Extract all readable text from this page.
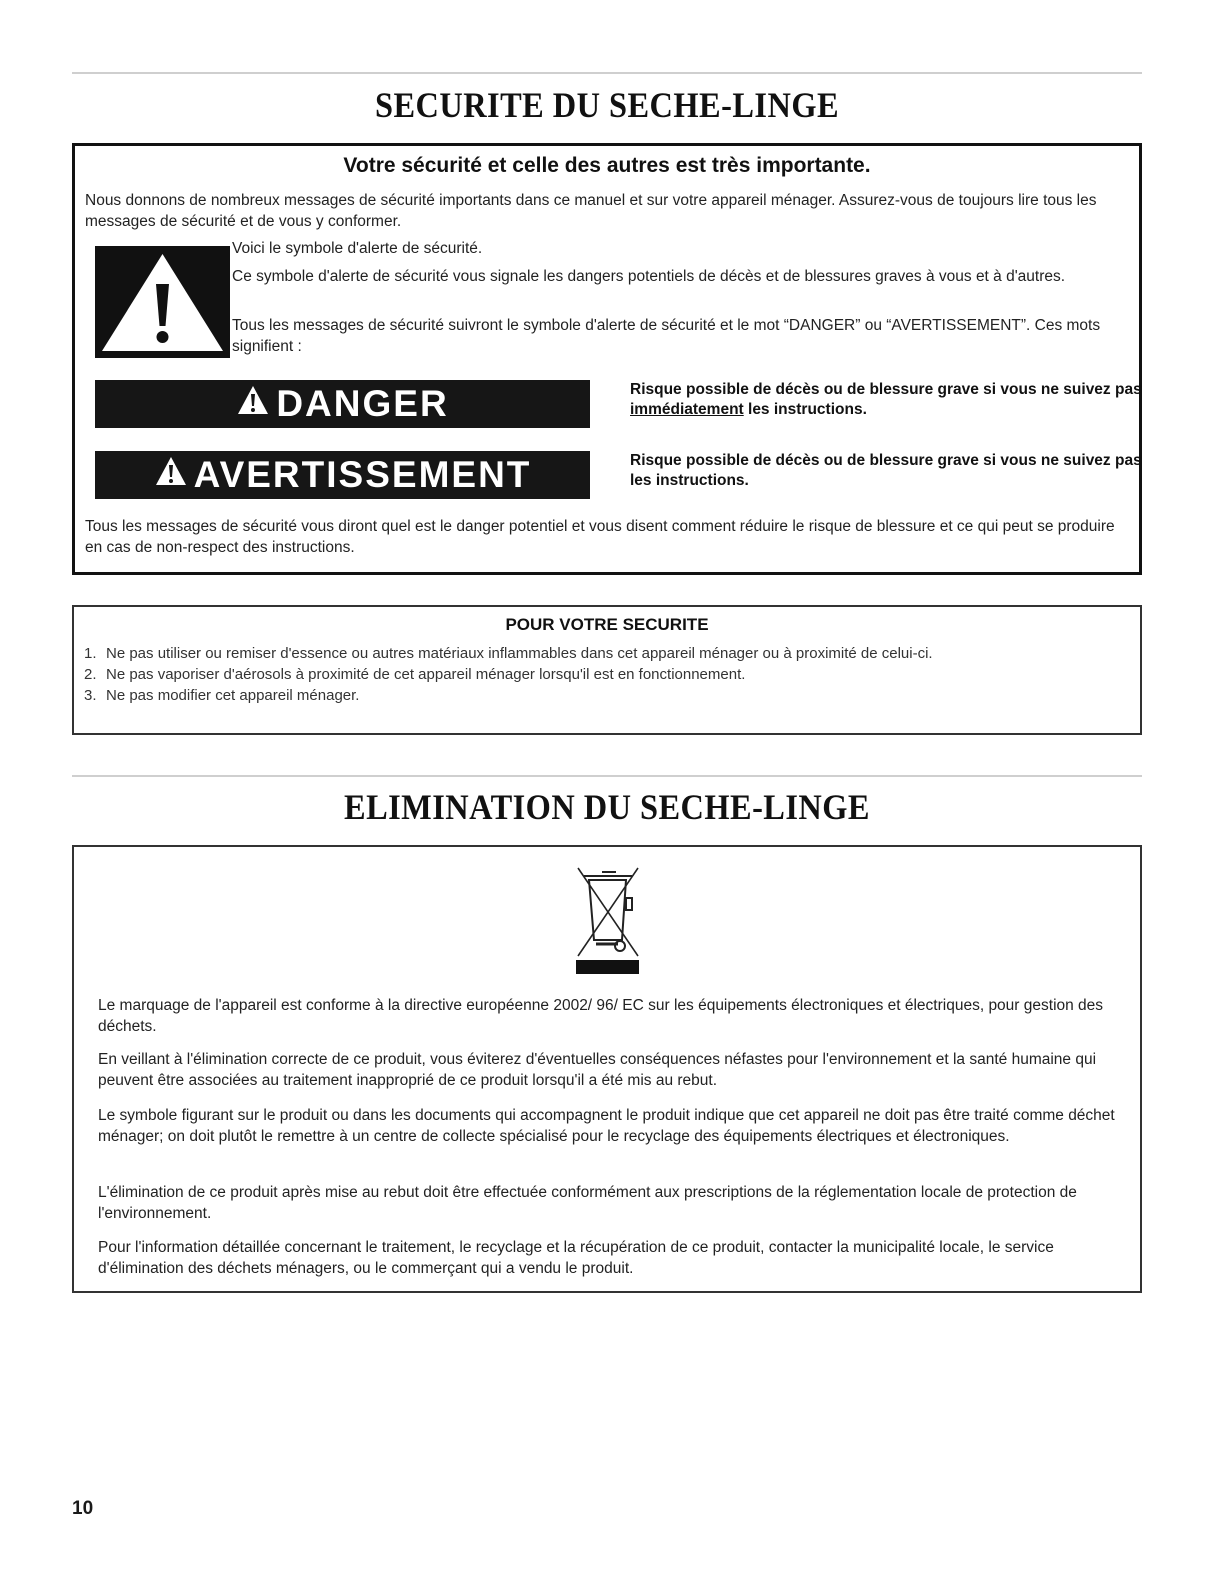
SECURITE DU SECHE-LINGE
Votre sécurité et celle des autres est très importante.

Nous donnons de nombreux messages de sécurité importants dans ce manuel et sur votre appareil ménager. Assurez-vous de toujours lire tous les messages de sécurité et de vous y conformer.

Voici le symbole d'alerte de sécurité.

Ce symbole d'alerte de sécurité vous signale les dangers potentiels de décès et de blessures graves à vous et à d'autres.

Tous les messages de sécurité suivront le symbole d'alerte de sécurité et le mot “DANGER” ou “AVERTISSEMENT”. Ces mots signifient :

DANGER	Risque possible de décès ou de blessure grave si vous ne suivez pas immédiatement les instructions.

AVERTISSEMENT	Risque possible de décès ou de blessure grave si vous ne suivez pas les instructions.

Tous les messages de sécurité vous diront quel est le danger potentiel et vous disent comment réduire le risque de blessure et ce qui peut se produire en cas de non-respect des instructions.

POUR VOTRE SECURITE
1. Ne pas utiliser ou remiser d'essence ou autres matériaux inflammables dans cet appareil ménager ou à proximité de celui-ci.
2. Ne pas vaporiser d'aérosols à proximité de cet appareil ménager lorsqu'il est en fonctionnement.
3. Ne pas modifier cet appareil ménager.
ELIMINATION DU SECHE-LINGE

Le marquage de l'appareil est conforme à la directive européenne 2002/ 96/ EC sur les équipements électroniques et électriques, pour gestion des déchets.

En veillant à l'élimination correcte de ce produit, vous éviterez d'éventuelles conséquences néfastes pour l'environnement et la santé humaine qui peuvent être associées au traitement inapproprié de ce produit lorsqu'il a été mis au rebut.

Le symbole figurant sur le produit ou dans les documents qui accompagnent le produit indique que cet appareil ne doit pas être traité comme déchet ménager; on doit plutôt le remettre à un centre de collecte spécialisé pour le recyclage des équipements électriques et électroniques.

L'élimination de ce produit après mise au rebut doit être effectuée conformément aux prescriptions de la réglementation locale de protection de l'environnement.

Pour l'information détaillée concernant le traitement, le recyclage et la récupération de ce produit, contacter la municipalité locale, le service d'élimination des déchets ménagers, ou le commerçant qui a vendu le produit.

10
